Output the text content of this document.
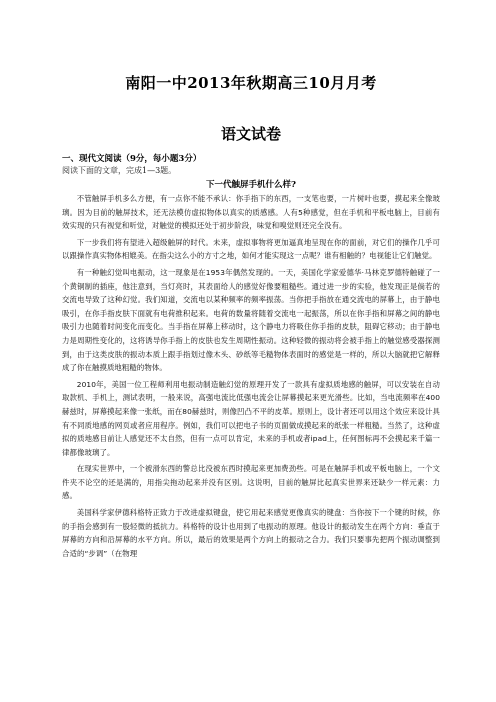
南阳一中2013年秋期高三10月月考
语文试卷

一、现代文阅读（9分，每小题3分）

阅读下面的文章，完成1—3题。

下一代触屏手机什么样?

不管触屏手机多么方便，有一点你不能不承认：你手指下的东西，一支笔也要，一片树叶也要，摸起来全像玻璃。因为目前的触屏技术，还无法模仿虚拟物体以真实的质感感。人有5种感觉，但在手机和平板电脑上，目前有效实现的只有视觉和听觉，对触觉的模拟还处于初步阶段，味觉和嗅觉则还完全没有。

下一步我们将有望进入超级触屏的时代。未来，虚拟事物将更加逼真地呈现在你的面前，对它们的操作几乎可以跟操作真实物体相媲美。在指尖这么小的方寸之地，如何才能实现这一点呢？谁有相触的？电视能让它们触觉。

有一种触幻觉叫电振动，这一现象是在1953年偶然发现的。一天，美国化学家爱德华·马林克罗德特触碰了一个黄铜制的插座，他注意到，当灯亮时，其表面给人的感觉好像要粗糙些。通过进一步的实验，他发现正是倘若的交流电导致了这种幻觉。我们知道，交流电以某种频率的频率振荡。当你把手指放在通交流电的屏幕上，由于静电吸引，在你手指皮肤下面就有电荷推积起来。电荷的数量将随着交流电一起振荡，所以在你手指和屏幕之间的静电吸引力也随着时间变化而变化。当手指在屏幕上移动时，这个静电力将吸住你手指的皮肤，阻碍它移动；由于静电力是周期性变化的，这将诱导你手指上的皮肤也发生周期性振动。这种轻微的振动将会被手指上的触觉感受器探测到，由于这类皮肤的振动本质上跟手指划过像木头、砂纸等毛糙物体表面时的感觉是一样的，所以大脑就把它解释成了你在触摸质地粗糙的物体。

2010年，美国一位工程师利用电振动制造触幻觉的原理开发了一款具有虚拟质地感的触屏，可以安装在自动取款机、手机上，测试表明，一般来说，高强电流比低强电流会让屏幕摸起来更光滑些。比如，当电流频率在400赫兹时，屏幕摸起来像一张纸，而在80赫兹时，则像凹凸不平的皮革。原则上，设计者还可以用这个效应来设计具有不同质地感的网页或者应用程序。例如，我们可以把电子书的页面做成摸起来的纸张一样粗糙。当然了，这种虚拟的质地感目前让人感觉还不太自然，但有一点可以肯定，未来的手机或者ipad上，任何图标再不会摸起来千篇一律都像玻璃了。

在现实世界中，一个被滑东西的警总比没被东西时摸起来更加费劲些。可是在触屏手机或平板电脑上，一个文件夹不论空的还是满的，用指尖拖动起来并没有区别。这说明，目前的触屏比起真实世界来还缺少一样元素：力感。

美国科学家伊德科格特正致力于改进虚拟键盘，使它用起来感觉更像真实的键盘：当你按下一个键的时候，你的手指会感到有一股轻微的抵抗力。科格特的设计也用到了电振动的原理。他设计的振动发生在两个方向：垂直于屏幕的方向和沿屏幕的水平方向。所以，最后的效果是两个方向上的振动之合力。我们只要事先把两个振动调整到合适的“步调”（在物理
